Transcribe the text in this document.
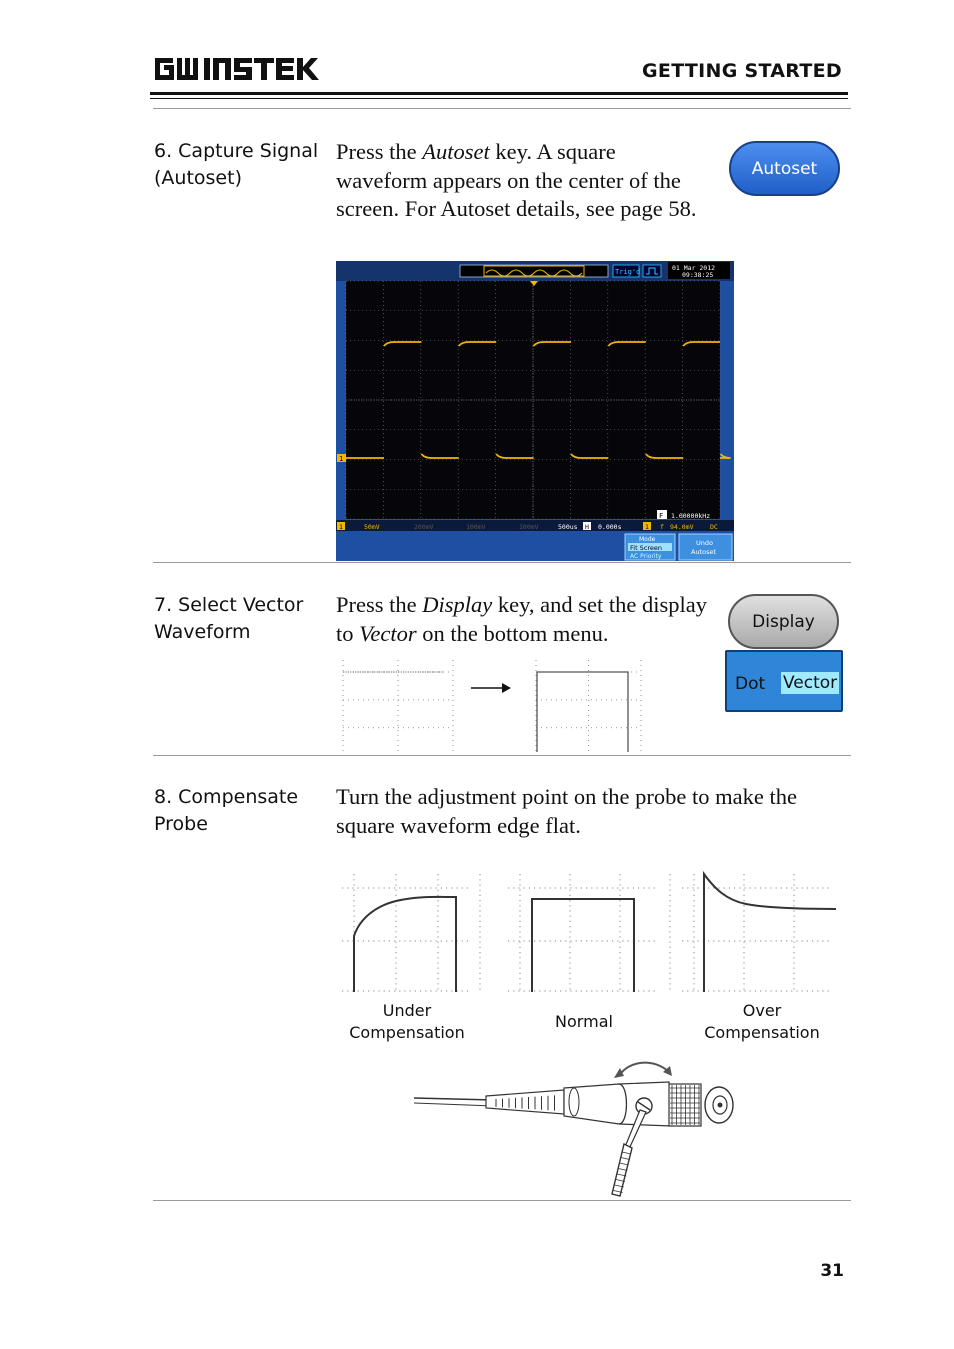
GETTING STARTED
6. Capture Signal
(Autoset)
Press the Autoset key. A square waveform appears on the center of the screen. For Autoset details, see page 58.
Autoset
Trig'd	01 Mar 2012
09:38:25
1
F 1.00000kHz
1	50mV	200mV	100mV	100mV	500us H 0.000s	1 f 94.0mV	DC
Mode
Fit Screen
AC Priority
Undo
Autoset
7. Select Vector
Waveform
Press the Display key, and set the display to Vector on the bottom menu.	Display
Dot Vector
8. Compensate
Probe
Turn the adjustment point on the probe to make the square waveform edge flat.
Under
Compensation
Normal
Over
Compensation
31
